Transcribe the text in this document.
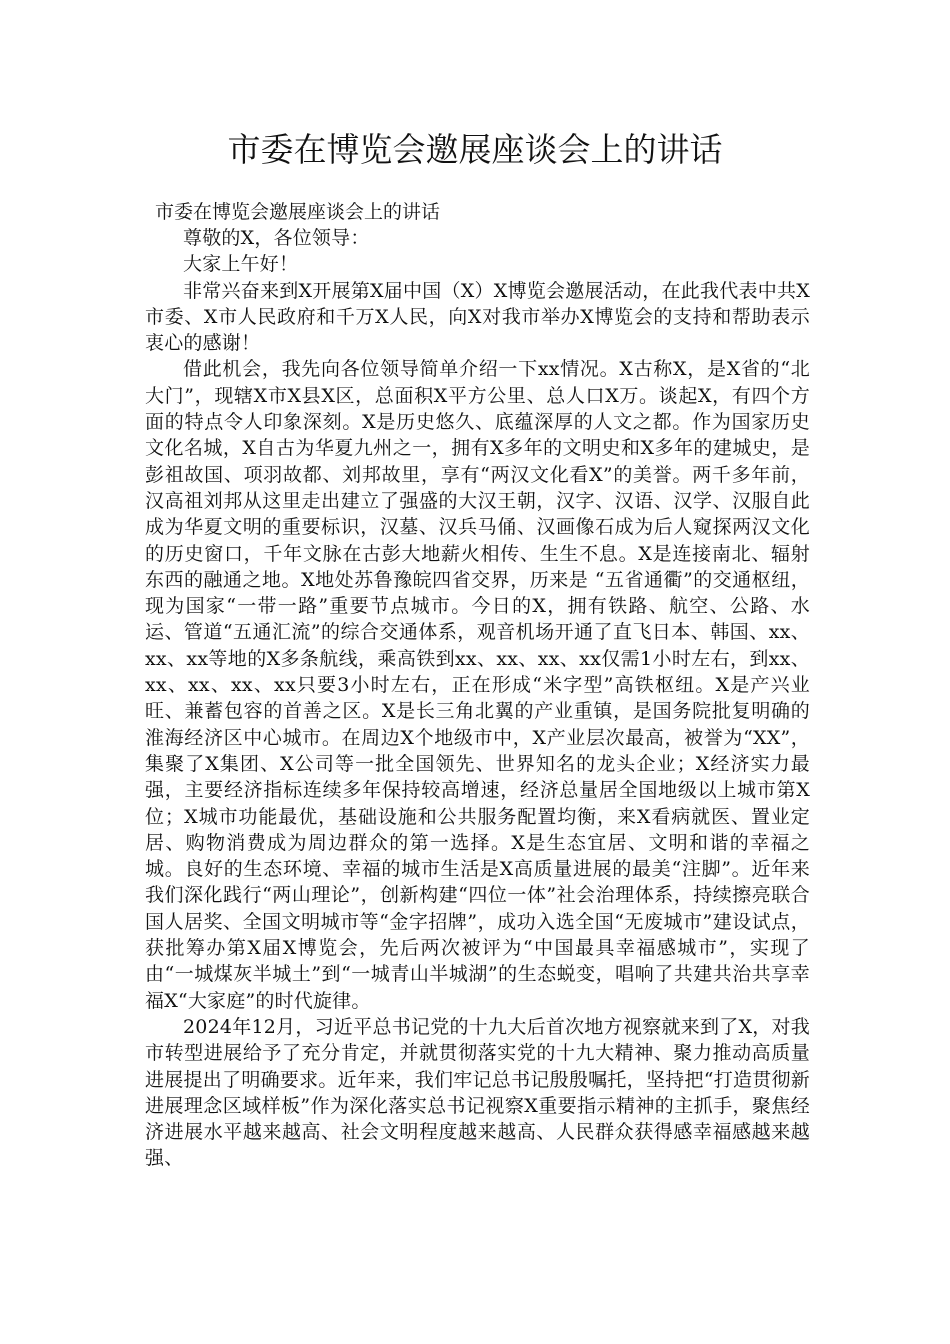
市委在博览会邀展座谈会上的讲话
市委在博览会邀展座谈会上的讲话

尊敬的X，各位领导：

大家上午好！

非常兴奋来到X开展第X届中国（X）X博览会邀展活动，在此我代表中共X市委、X市人民政府和千万X人民，向X对我市举办X博览会的支持和帮助表示衷心的感谢！

借此机会，我先向各位领导简单介绍一下xx情况。X古称X，是X省的“北大门”，现辖X市X县X区，总面积X平方公里、总人口X万。谈起X，有四个方面的特点令人印象深刻。X是历史悠久、底蕴深厚的人文之都。作为国家历史文化名城，X自古为华夏九州之一，拥有X多年的文明史和X多年的建城史，是彭祖故国、项羽故都、刘邦故里，享有“两汉文化看X”的美誉。两千多年前，汉高祖刘邦从这里走出建立了强盛的大汉王朝，汉字、汉语、汉学、汉服自此成为华夏文明的重要标识，汉墓、汉兵马俑、汉画像石成为后人窥探两汉文化的历史窗口，千年文脉在古彭大地薪火相传、生生不息。X是连接南北、辐射东西的融通之地。X地处苏鲁豫皖四省交界，历来是 “五省通衢”的交通枢纽，现为国家“一带一路”重要节点城市。今日的X，拥有铁路、航空、公路、水运、管道“五通汇流”的综合交通体系，观音机场开通了直飞日本、韩国、xx、xx、xx等地的X多条航线，乘高铁到xx、xx、xx、xx仅需1小时左右，到xx、xx、xx、xx、xx只要3小时左右，正在形成“米字型”高铁枢纽。X是产兴业旺、兼蓄包容的首善之区。X是长三角北翼的产业重镇，是国务院批复明确的淮海经济区中心城市。在周边X个地级市中，X产业层次最高，被誉为“XX”，集聚了X集团、X公司等一批全国领先、世界知名的龙头企业；X经济实力最强，主要经济指标连续多年保持较高增速，经济总量居全国地级以上城市第X位；X城市功能最优，基础设施和公共服务配置均衡，来X看病就医、置业定居、购物消费成为周边群众的第一选择。X是生态宜居、文明和谐的幸福之城。良好的生态环境、幸福的城市生活是X高质量进展的最美“注脚”。近年来我们深化践行“两山理论”，创新构建“四位一体”社会治理体系，持续擦亮联合国人居奖、全国文明城市等“金字招牌”，成功入选全国“无废城市”建设试点，获批筹办第X届X博览会，先后两次被评为“中国最具幸福感城市”，实现了由“一城煤灰半城土”到“一城青山半城湖”的生态蜕变，唱响了共建共治共享幸福X“大家庭”的时代旋律。

2024年12月，习近平总书记党的十九大后首次地方视察就来到了X，对我市转型进展给予了充分肯定，并就贯彻落实党的十九大精神、聚力推动高质量进展提出了明确要求。近年来，我们牢记总书记殷殷嘱托，坚持把“打造贯彻新进展理念区域样板”作为深化落实总书记视察X重要指示精神的主抓手，聚焦经济进展水平越来越高、社会文明程度越来越高、人民群众获得感幸福感越来越强、
